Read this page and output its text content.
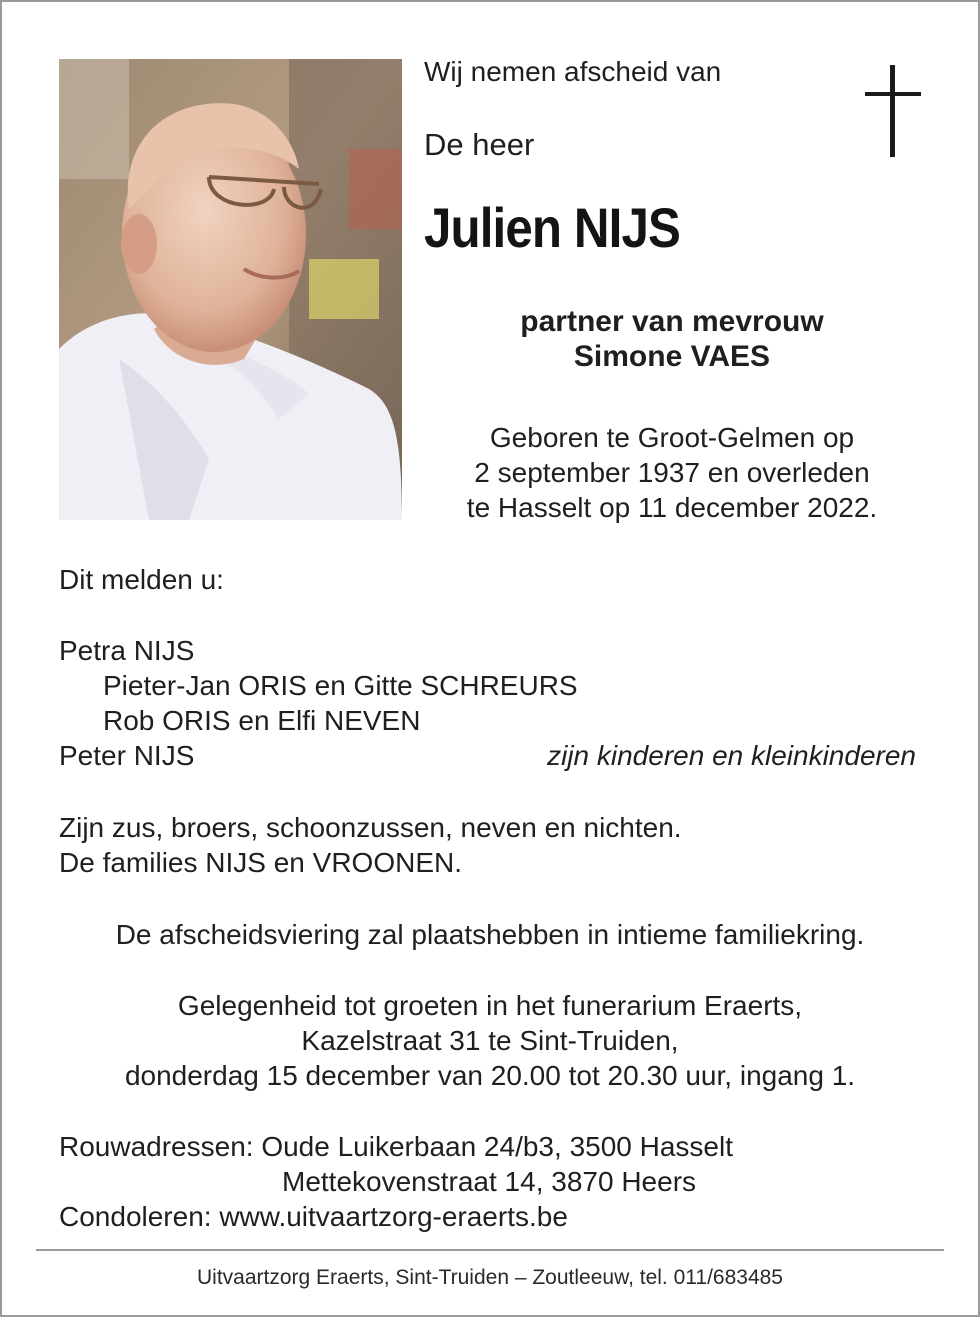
Wij nemen afscheid van
De heer
Julien NIJS
partner van mevrouw
Simone VAES
Geboren te Groot-Gelmen op
2 september 1937 en overleden
te Hasselt op 11 december 2022.
Dit melden u:
Petra NIJS
Pieter-Jan ORIS en Gitte SCHREURS
Rob ORIS en Elfi NEVEN
Peter NIJS	zijn kinderen en kleinkinderen
Zijn zus, broers, schoonzussen, neven en nichten.
De families NIJS en VROONEN.
De afscheidsviering zal plaatshebben in intieme familiekring.
Gelegenheid tot groeten in het funerarium Eraerts,
Kazelstraat 31 te Sint-Truiden,
donderdag 15 december van 20.00 tot 20.30 uur, ingang 1.
Rouwadressen: Oude Luikerbaan 24/b3, 3500 Hasselt
Mettekovenstraat 14, 3870 Heers
Condoleren: www.uitvaartzorg-eraerts.be
Uitvaartzorg Eraerts, Sint-Truiden – Zoutleeuw, tel. 011/683485
